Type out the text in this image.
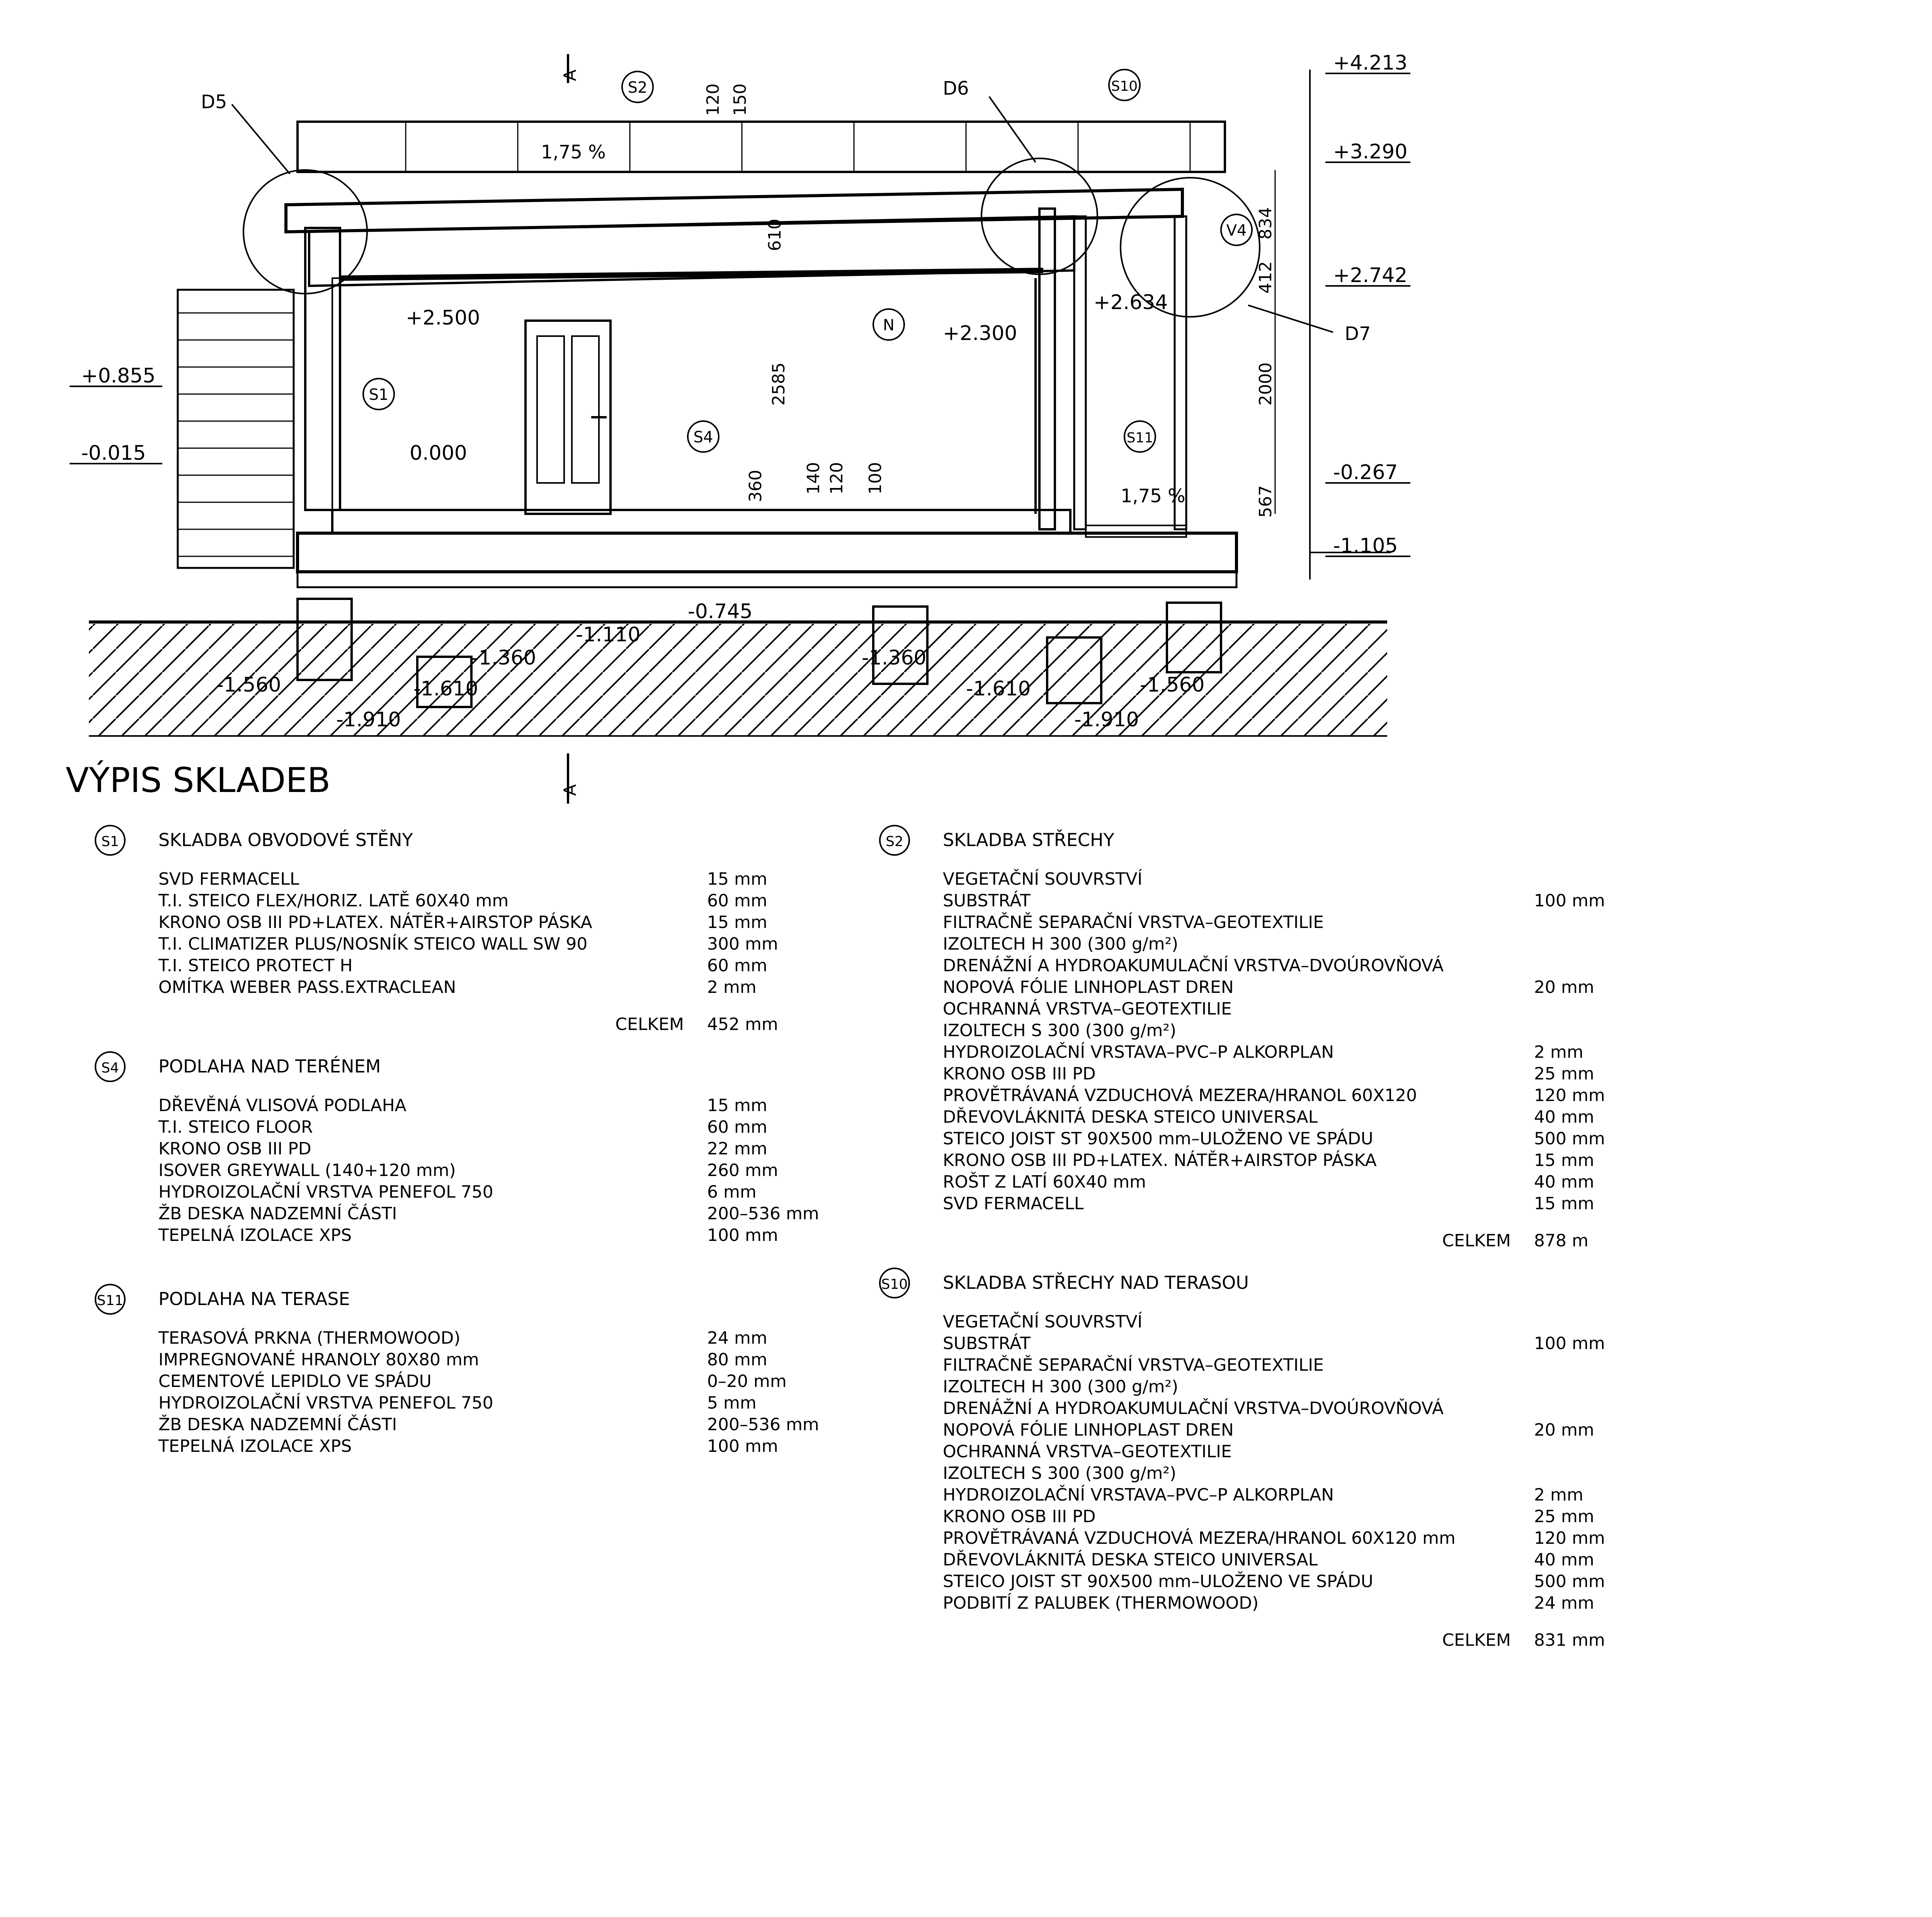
+4.213
+3.290
+2.742
-0.267
-1.105
+0.855
-0.015
+2.500
0.000
+2.300
+2.634
-0.745
-1.110
-1.360	-1.360
-1.560
-1.910
-1.610	-1.610
-1.910
-1.560
120 150
610
2585
360 140 120 100
834
412
2000
567
1,75 %
1,75 %
D5
D6
D7
S2	S10
V4
S1
N
S4	S11
A
VÝPIS SKLADEB	A
S1 SKLADBA OBVODOVÉ STĚNY
SVD FERMACELL	15 mm
T.I. STEICO FLEX/HORIZ. LATĚ 60X40 mm	60 mm
KRONO OSB III PD+LATEX. NÁTĚR+AIRSTOP PÁSKA	15 mm
T.I. CLIMATIZER PLUS/NOSNÍK STEICO WALL SW 90	300 mm
T.I. STEICO PROTECT H	60 mm
OMÍTKA WEBER PASS.EXTRACLEAN	2 mm
CELKEM 452 mm
S4 PODLAHA NAD TERÉNEM
DŘEVĚNÁ VLISOVÁ PODLAHA	15 mm
T.I. STEICO FLOOR	60 mm
KRONO OSB III PD	22 mm
ISOVER GREYWALL (140+120 mm)	260 mm
HYDROIZOLAČNÍ VRSTVA PENEFOL 750	6 mm
ŽB DESKA NADZEMNÍ ČÁSTI	200–536 mm
TEPELNÁ IZOLACE XPS	100 mm
S11 PODLAHA NA TERASE
TERASOVÁ PRKNA (THERMOWOOD)	24 mm
IMPREGNOVANÉ HRANOLY 80X80 mm	80 mm
CEMENTOVÉ LEPIDLO VE SPÁDU	0–20 mm
HYDROIZOLAČNÍ VRSTVA PENEFOL 750	5 mm
ŽB DESKA NADZEMNÍ ČÁSTI	200–536 mm
TEPELNÁ IZOLACE XPS	100 mm
S2 SKLADBA STŘECHY
VEGETAČNÍ SOUVRSTVÍ
SUBSTRÁT	100 mm
FILTRAČNĚ SEPARAČNÍ VRSTVA–GEOTEXTILIE
IZOLTECH H 300 (300 g/m²)
DRENÁŽNÍ A HYDROAKUMULAČNÍ VRSTVA–DVOÚROVŇOVÁ
NOPOVÁ FÓLIE LINHOPLAST DREN	20 mm
OCHRANNÁ VRSTVA–GEOTEXTILIE
IZOLTECH S 300 (300 g/m²)
HYDROIZOLAČNÍ VRSTAVA–PVC–P ALKORPLAN	2 mm
KRONO OSB III PD	25 mm
PROVĚTRÁVANÁ VZDUCHOVÁ MEZERA/HRANOL 60X120	120 mm
DŘEVOVLÁKNITÁ DESKA STEICO UNIVERSAL	40 mm
STEICO JOIST ST 90X500 mm–ULOŽENO VE SPÁDU	500 mm
KRONO OSB III PD+LATEX. NÁTĚR+AIRSTOP PÁSKA	15 mm
ROŠT Z LATÍ 60X40 mm	40 mm
SVD FERMACELL	15 mm
CELKEM 878 m
S10 SKLADBA STŘECHY NAD TERASOU
VEGETAČNÍ SOUVRSTVÍ
SUBSTRÁT	100 mm
FILTRAČNĚ SEPARAČNÍ VRSTVA–GEOTEXTILIE
IZOLTECH H 300 (300 g/m²)
DRENÁŽNÍ A HYDROAKUMULAČNÍ VRSTVA–DVOÚROVŇOVÁ
NOPOVÁ FÓLIE LINHOPLAST DREN	20 mm
OCHRANNÁ VRSTVA–GEOTEXTILIE
IZOLTECH S 300 (300 g/m²)
HYDROIZOLAČNÍ VRSTAVA–PVC–P ALKORPLAN	2 mm
KRONO OSB III PD	25 mm
PROVĚTRÁVANÁ VZDUCHOVÁ MEZERA/HRANOL 60X120 mm	120 mm
DŘEVOVLÁKNITÁ DESKA STEICO UNIVERSAL	40 mm
STEICO JOIST ST 90X500 mm–ULOŽENO VE SPÁDU	500 mm
PODBITÍ Z PALUBEK (THERMOWOOD)	24 mm
CELKEM 831 mm
